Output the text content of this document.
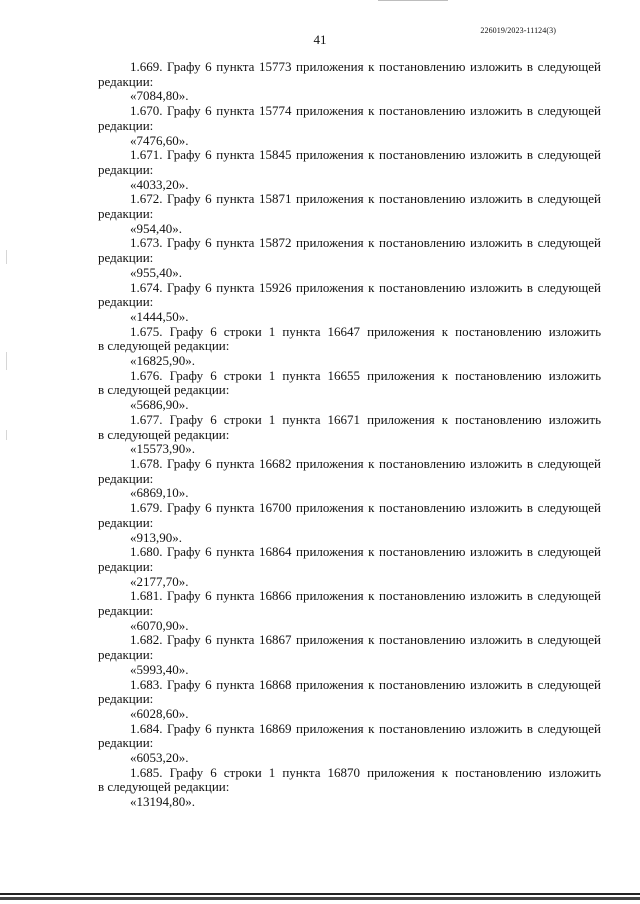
226019/2023-11124(3)
41
1.669. Графу 6 пункта 15773 приложения к постановлению изложить в следующей
редакции:
«7084,80».
1.670. Графу 6 пункта 15774 приложения к постановлению изложить в следующей
редакции:
«7476,60».
1.671. Графу 6 пункта 15845 приложения к постановлению изложить в следующей
редакции:
«4033,20».
1.672. Графу 6 пункта 15871 приложения к постановлению изложить в следующей
редакции:
«954,40».
1.673. Графу 6 пункта 15872 приложения к постановлению изложить в следующей
редакции:
«955,40».
1.674. Графу 6 пункта 15926 приложения к постановлению изложить в следующей
редакции:
«1444,50».
1.675. Графу 6 строки 1 пункта 16647 приложения к постановлению изложить
в следующей редакции:
«16825,90».
1.676. Графу 6 строки 1 пункта 16655 приложения к постановлению изложить
в следующей редакции:
«5686,90».
1.677. Графу 6 строки 1 пункта 16671 приложения к постановлению изложить
в следующей редакции:
«15573,90».
1.678. Графу 6 пункта 16682 приложения к постановлению изложить в следующей
редакции:
«6869,10».
1.679. Графу 6 пункта 16700 приложения к постановлению изложить в следующей
редакции:
«913,90».
1.680. Графу 6 пункта 16864 приложения к постановлению изложить в следующей
редакции:
«2177,70».
1.681. Графу 6 пункта 16866 приложения к постановлению изложить в следующей
редакции:
«6070,90».
1.682. Графу 6 пункта 16867 приложения к постановлению изложить в следующей
редакции:
«5993,40».
1.683. Графу 6 пункта 16868 приложения к постановлению изложить в следующей
редакции:
«6028,60».
1.684. Графу 6 пункта 16869 приложения к постановлению изложить в следующей
редакции:
«6053,20».
1.685. Графу 6 строки 1 пункта 16870 приложения к постановлению изложить
в следующей редакции:
«13194,80».
